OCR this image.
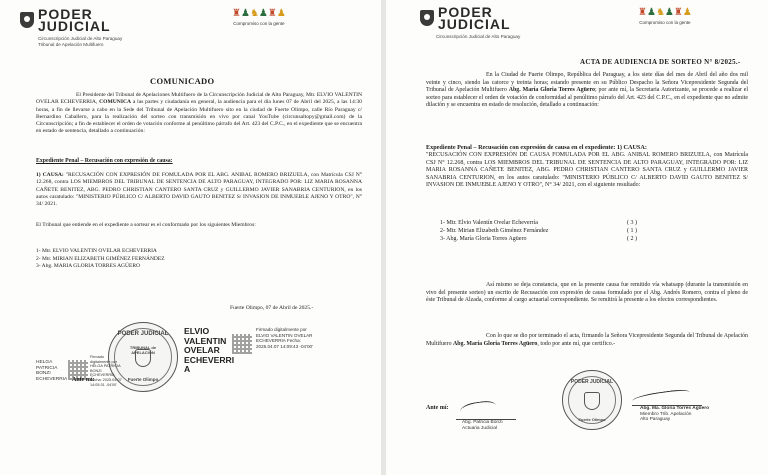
PODER
JUDICIAL
Circunscripción Judicial de Alto Paraguay
Tribunal de Apelación Multifuero
♜♟♞♟♜♟
Compromiso con la gente
COMUNICADO
El Presidente del Tribunal de Apelaciones Multifuero de la Circunscripción Judicial de Alto Paraguay, Mtr. ELVIO VALENTIN OVELAR ECHEVERRIA, COMUNICA a las partes y ciudadanía en general, la audiencia para el día lunes 07 de Abril del 2025, a las 14:30 horas, a fin de llevarse a cabo en la Sede del Tribunal de Apelación Multifuero sito en la ciudad de Fuerte Olimpo, calle Río Paraguay c/ Bernardino Caballero, para la realización del sorteo con transmisión en vivo por canal YouTube (circunsaltopy@gmail.com) de la Circunscripción; a fin de establecer el orden de votación conforme al penúltimo párrafo del Art. 423 del C.P.C., en el expediente que se encuentra en estado de sentencia, detallado a continuación:
Expediente Penal – Recusación con expresión de causa:
1) CAUSA: "RECUSACIÓN CON EXPRESIÓN DE FOMULADA POR EL ABG. ANIBAL ROMERO BRIZUELA, con Matrícula CSJ N° 12.268, contra LOS MIEMBROS DEL TRIBUNAL DE SENTENCIA DE ALTO PARAGUAY, INTEGRADO POR: LIZ MARIA ROSANNA CAÑETE BENITEZ, ABG. PEDRO CHRISTIAN CANTERO SANTA CRUZ y GUILLERMO JAVIER SANABRIA CENTURION, en los autos caratulado: "MINISTERIO PÚBLICO C/ ALBERTO DAVID GAUTO BENITEZ S/ INVASION DE INMUEBLE AJENO Y OTRO", N° 34/ 2021.
El Tribunal que entiende en el expediente a sortear es el conformado por los siguientes Miembros:
1- Mtr. ELVIO VALENTIN OVELAR ECHEVERRIA
2- Mtr. MIRIAN ELIZABETH GIMÉNEZ FERNÁNDEZ
3- Abg. MARIA GLORIA TORRES AGÜERO
Fuerte Olimpo, 07 de Abril de 2025.-
PODER JUDICIAL
TRIBUNAL de
APELACIÓN
Fuerte Olimpo
ELVIO
VALENTIN
OVELAR
ECHEVERRI
A
Firmado digitalmente por ELVIO VALENTIN OVELAR ECHEVERRIA Fecha: 2025.04.07 14:09:43 -04'00'
HELGA
PATRICIA
BONZI
ECHEVERRIA
Firmado digitalmente por HELGA PATRICIA BONZI ECHEVERRIA Fecha: 2025.04.07 14:05:31 -04'00'
Ante mí:
PODER
JUDICIAL
Circunscripción Judicial de Alto Paraguay
♜♟♞♟♜♟
Compromiso con la gente
ACTA DE AUDIENCIA DE SORTEO N° 8/2025.-
En la Ciudad de Fuerte Olimpo, República del Paraguay, a los siete días del mes de Abril del año dos mil veinte y cinco, siendo las catorce y treinta horas; estando presente en su Público Despacho la Señora Vicepresidente Segunda del Tribunal de Apelación Multifuero Abg. María Gloria Torres Agüero; por ante mí, la Secretaria Autorizante, se procede a realizar el sorteo para establecer el orden de votación de conformidad al penúltimo párrafo del Art. 423 del C.P.C., en el expediente que no admite dilación y se encuentra en estado de resolución, detallado a continuación:
Expediente Penal – Recusación con expresión de causa en el expediente: 1) CAUSA:
"RECUSACIÓN CON EXPRESIÓN DE CAUSA FOMULADA POR EL ABG. ANIBAL ROMERO BRIZUELA, con Matrícula CSJ N° 12.268, contra LOS MIEMBROS DEL TRIBUNAL DE SENTENCIA DE ALTO PARAGUAY, INTEGRADO POR: LIZ MARIA ROSANNA CAÑETE BENITEZ, ABG. PEDRO CHRISTIAN CANTERO SANTA CRUZ y GUILLERMO JAVIER SANABRIA CENTURION, en los autos caratulado: "MINISTERIO PÚBLICO C/ ALBERTO DAVID GAUTO BENITEZ S/ INVASION DE INMUEBLE AJENO Y OTRO", N° 34/ 2021, con el siguiente resultado:
1- Mtr. Elvio Valentín Ovelar Echeverría
2- Mtr. Mirian Elizabeth Giménez Fernández
3- Abg. María Gloria Torres Agüero
( 3 )
( 1 )
( 2 )
Así mismo se deja constancia, que en la presente causa fue remitido vía whatsapp (durante la transmisión en vivo del presente sorteo) un escrito de Recusación con expresión de causa formulado por el Abg. Andrés Romero, contra el pleno de éste Tribunal de Alzada, conforme al cargo actuarial correspondiente. Se remitirá la presente a los efectos correspondientes.
Con lo que se dio por terminado el acta, firmando la Señora Vicepresidente Segunda del Tribunal de Apelación Multifuero Abg. María Gloria Torres Agüero, todo por ante mí, que certifico.-
PODER JUDICIAL
Fuerte Olimpo
Abg. Ma. Gloria Torres Agüero
Miembro Trib. Apelación
Alto Paraguay
Ante mí:
Abg. Patricia Bonzi
Actuaria Judicial
